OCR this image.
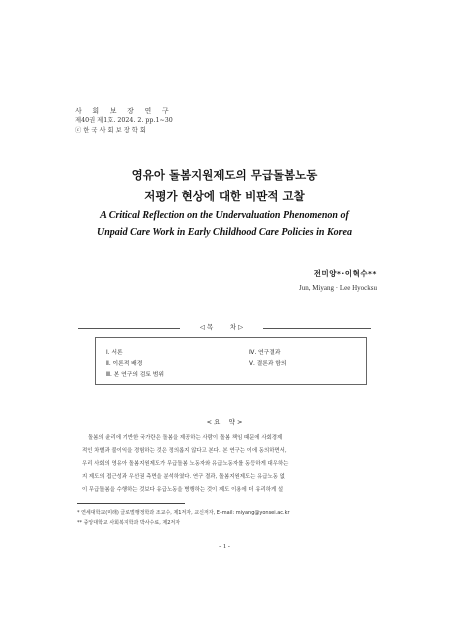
사 회 보 장 연 구
제40권 제1호. 2024. 2. pp.1~30
ⓒ 한 국 사 회 보 장 학 회
영유아 돌봄지원제도의 무급돌봄노동
저평가 현상에 대한 비판적 고찰
A Critical Reflection on the Undervaluation Phenomenon of
Unpaid Care Work in Early Childhood Care Policies in Korea
전미양*·이혁수**
Jun, Miyang · Lee Hyocksu
◁ 목        차 ▷
Ⅰ. 서론
Ⅱ. 이론적 배경
Ⅲ. 본 연구의 검토 범위
Ⅳ. 연구결과
Ⅴ. 결론과 함의
< 요    약 >
돌봄의 윤리에 기반한 국가란은 돌봄을 제공하는 사람이 돌봄 책임 때문에 사회경제
적인 차별과 불이익을 경험하는 것은 정의롭지 않다고 본다. 본 연구는 이에 동의하면서,
우리 사회의 영유아 돌봄지원제도가 무급돌봄 노동자와 유급노동자를 동등하게 대우하는
지 제도의 접근성과 우선권 측면을 분석하였다. 연구 결과, 돌봄지원제도는 유급노동 없
이 무급돌봄을 수행하는 것보다 유급노동을 병행하는 것이 제도 이용에 더 유리하게 설
* 연세대학교(미래) 글로벌행정학과 조교수, 제1저자, 교신저자, E-mail: miyang@yonsei.ac.kr
** 중앙대학교 사회복지학과 박사수료, 제2저자
- 1 -
